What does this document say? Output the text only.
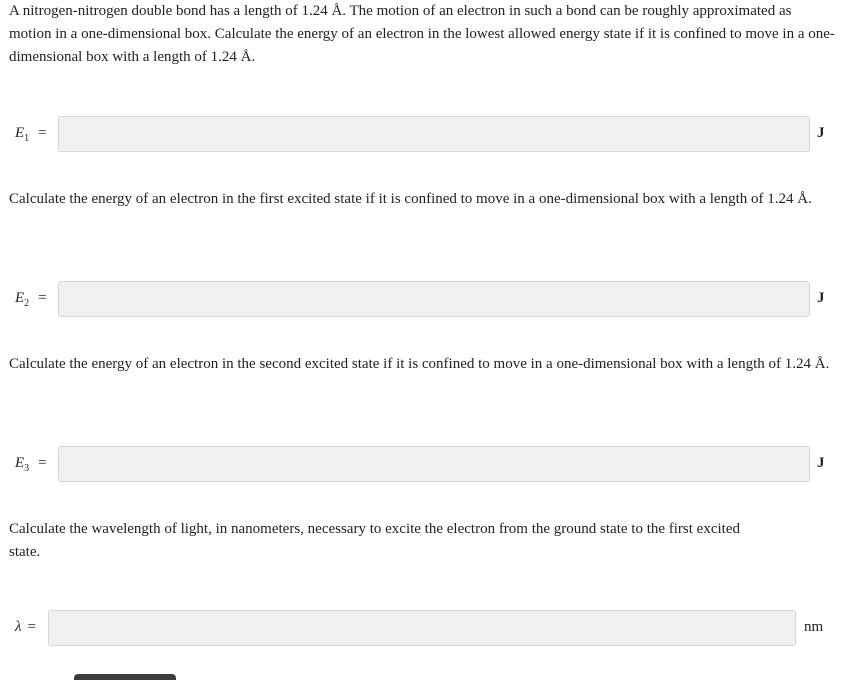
A nitrogen-nitrogen double bond has a length of 1.24 Å. The motion of an electron in such a bond can be roughly approximated as motion in a one-dimensional box. Calculate the energy of an electron in the lowest allowed energy state if it is confined to move in a one-dimensional box with a length of 1.24 Å.

$E_1$ =	J

Calculate the energy of an electron in the first excited state if it is confined to move in a one-dimensional box with a length of 1.24 Å.

$E_2$ =	J

Calculate the energy of an electron in the second excited state if it is confined to move in a one-dimensional box with a length of 1.24 Å.

$E_3$ =	J

Calculate the wavelength of light, in nanometers, necessary to excite the electron from the ground state to the first excited state.

λ =	nm
